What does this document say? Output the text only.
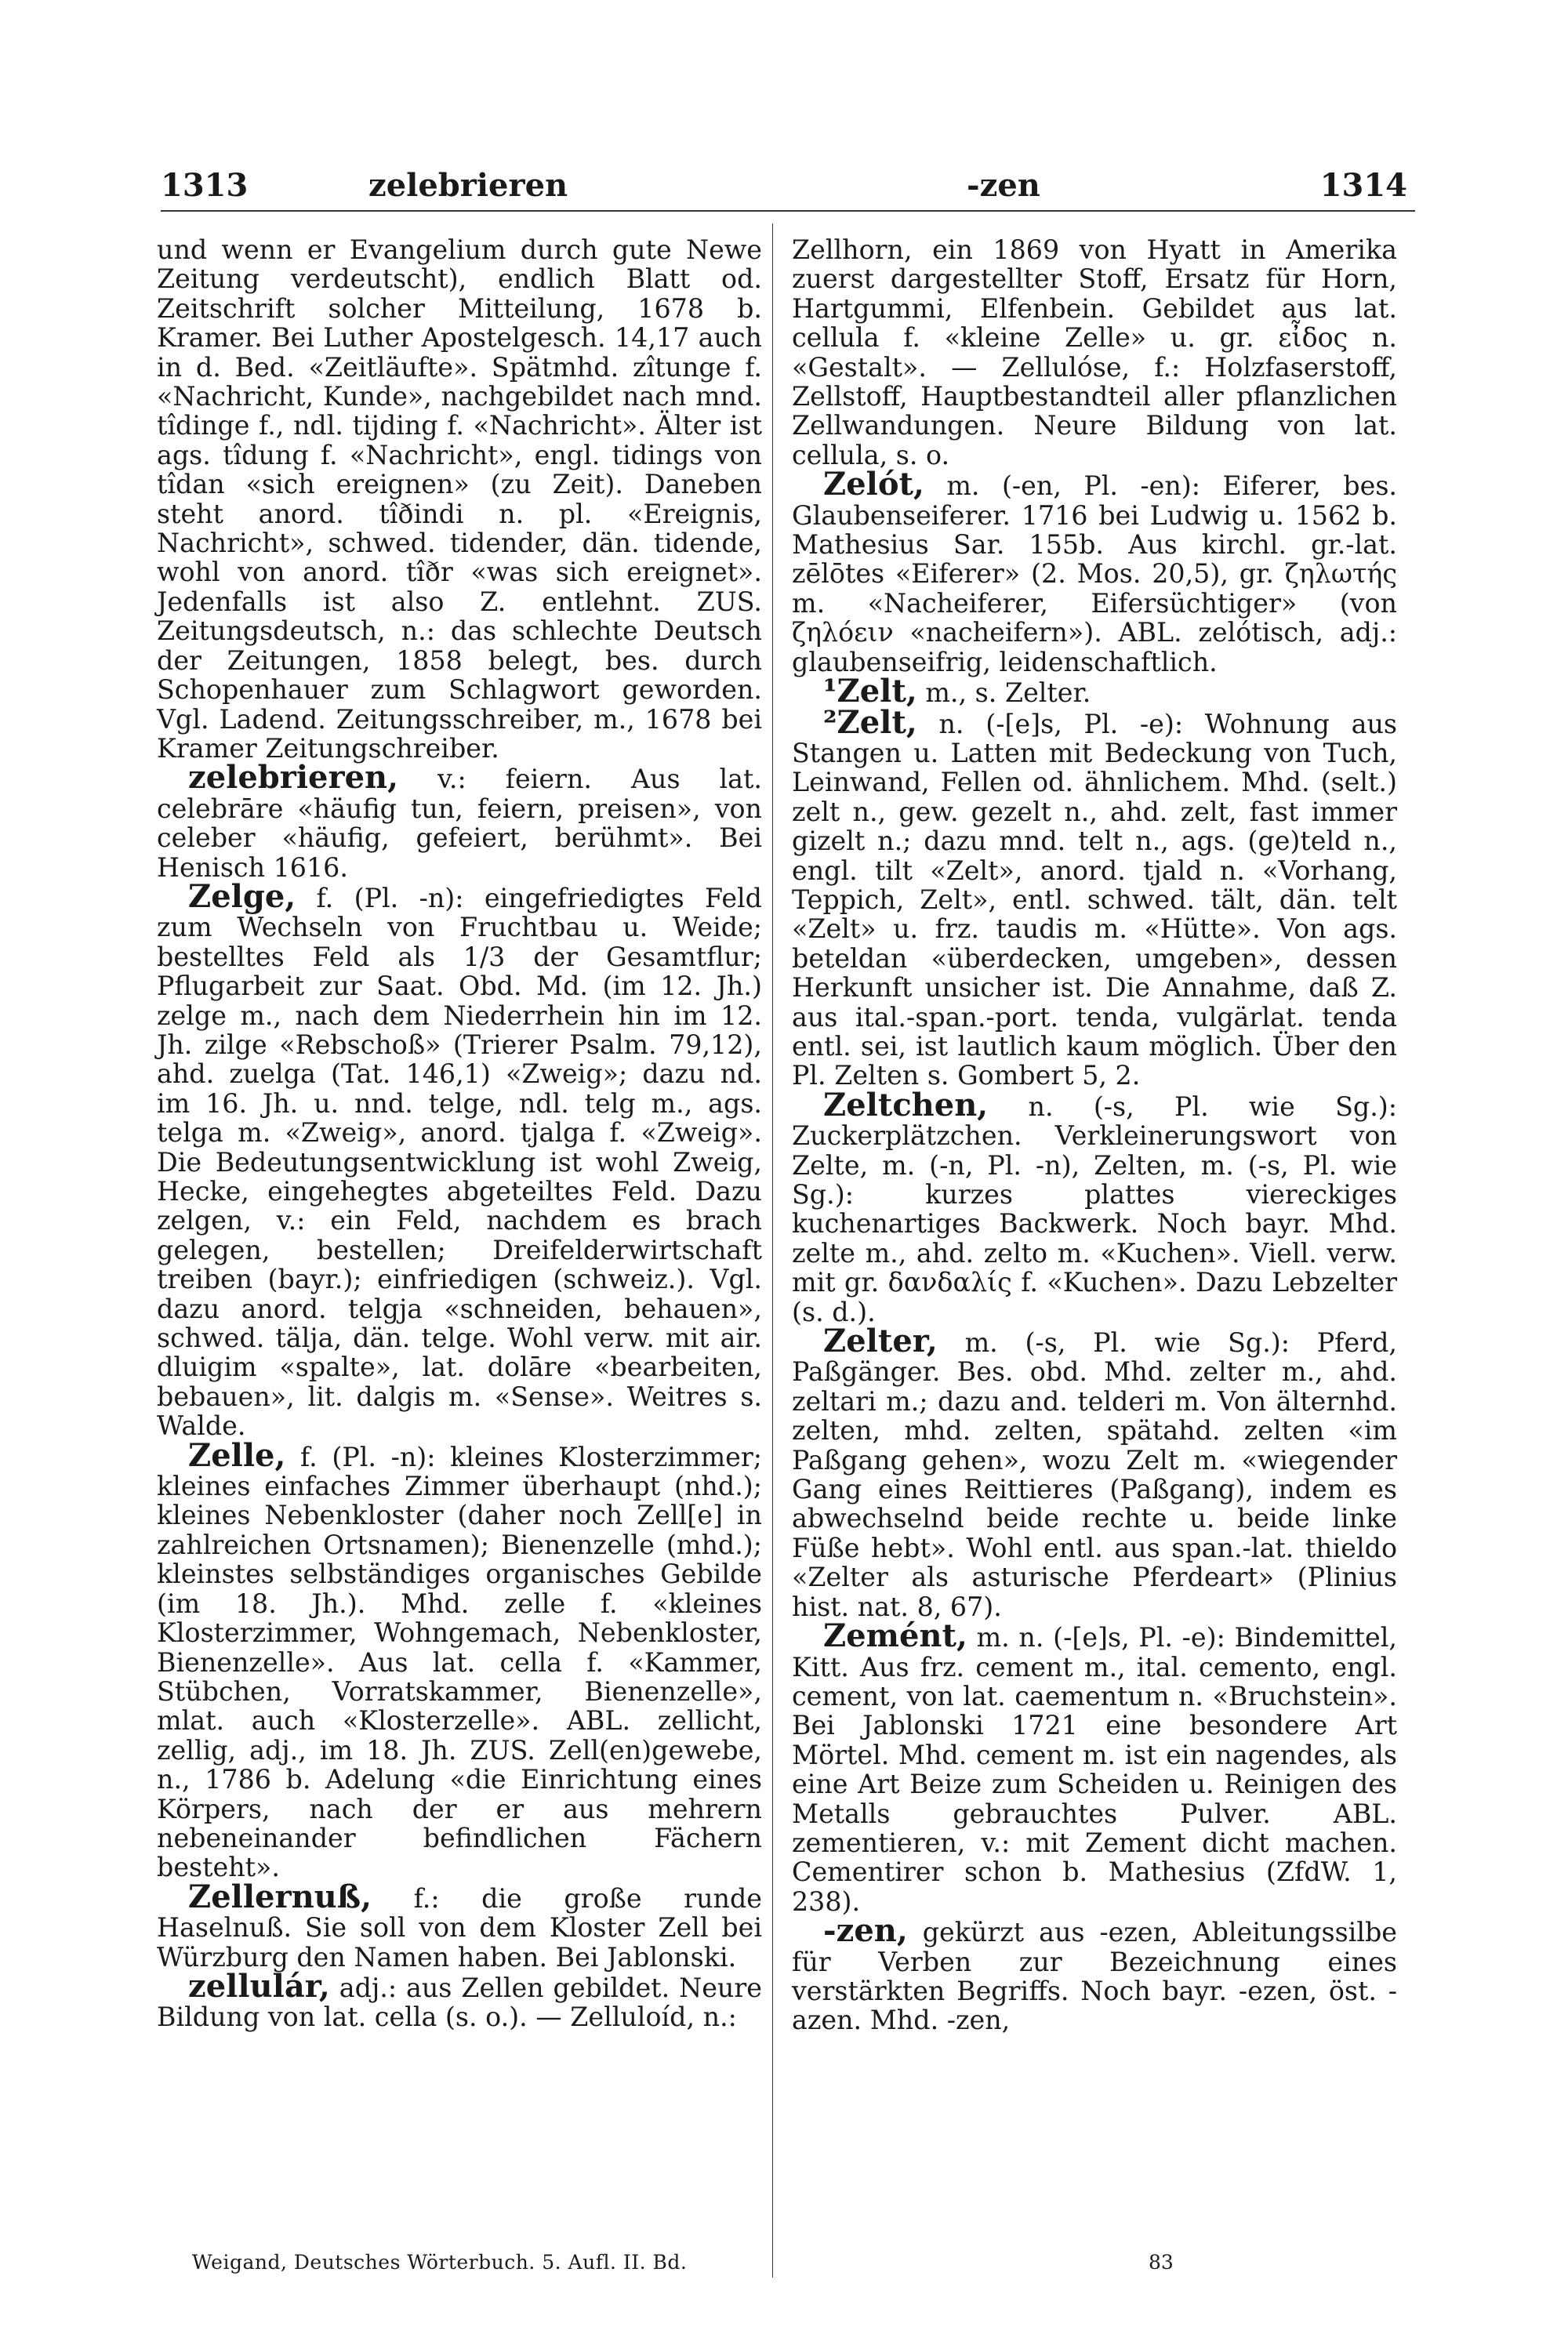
1313	zelebrieren	-zen	1314

und wenn er Evangelium durch gute Newe Zeitung verdeutscht), endlich Blatt od. Zeitschrift solcher Mitteilung, 1678 b. Kramer. Bei Luther Apostelgesch. 14,17 auch in d. Bed. «Zeitläufte». Spätmhd. zîtunge f. «Nachricht, Kunde», nachgebildet nach mnd. tîdinge f., ndl. tijding f. «Nachricht». Älter ist ags. tîdung f. «Nachricht», engl. tidings von tîdan «sich ereignen» (zu Zeit). Daneben steht anord. tîðindi n. pl. «Ereignis, Nachricht», schwed. tidender, dän. tidende, wohl von anord. tîðr «was sich ereignet». Jedenfalls ist also Z. entlehnt. ZUS. Zeitungsdeutsch, n.: das schlechte Deutsch der Zeitungen, 1858 belegt, bes. durch Schopenhauer zum Schlagwort geworden. Vgl. Ladend. Zeitungsschreiber, m., 1678 bei Kramer Zeitungschreiber.

zelebrieren, v.: feiern. Aus lat. celebrāre «häufig tun, feiern, preisen», von celeber «häufig, gefeiert, berühmt». Bei Henisch 1616.

Zelge, f. (Pl. -n): eingefriedigtes Feld zum Wechseln von Fruchtbau u. Weide; bestelltes Feld als 1/3 der Gesamtflur; Pflugarbeit zur Saat. Obd. Md. (im 12. Jh.) zelge m., nach dem Niederrhein hin im 12. Jh. zilge «Rebschoß» (Trierer Psalm. 79,12), ahd. zuelga (Tat. 146,1) «Zweig»; dazu nd. im 16. Jh. u. nnd. telge, ndl. telg m., ags. telga m. «Zweig», anord. tjalga f. «Zweig». Die Bedeutungsentwicklung ist wohl Zweig, Hecke, eingehegtes abgeteiltes Feld. Dazu zelgen, v.: ein Feld, nachdem es brach gelegen, bestellen; Dreifelderwirtschaft treiben (bayr.); einfriedigen (schweiz.). Vgl. dazu anord. telgja «schneiden, behauen», schwed. tälja, dän. telge. Wohl verw. mit air. dluigim «spalte», lat. dolāre «bearbeiten, bebauen», lit. dalgis m. «Sense». Weitres s. Walde.

Zelle, f. (Pl. -n): kleines Klosterzimmer; kleines einfaches Zimmer überhaupt (nhd.); kleines Nebenkloster (daher noch Zell[e] in zahlreichen Ortsnamen); Bienenzelle (mhd.); kleinstes selbständiges organisches Gebilde (im 18. Jh.). Mhd. zelle f. «kleines Klosterzimmer, Wohngemach, Nebenkloster, Bienenzelle». Aus lat. cella f. «Kammer, Stübchen, Vorratskammer, Bienenzelle», mlat. auch «Klosterzelle». ABL. zellicht, zellig, adj., im 18. Jh. ZUS. Zell(en)gewebe, n., 1786 b. Adelung «die Einrichtung eines Körpers, nach der er aus mehrern nebeneinander befindlichen Fächern besteht».

Zellernuß, f.: die große runde Haselnuß. Sie soll von dem Kloster Zell bei Würzburg den Namen haben. Bei Jablonski.

zellulár, adj.: aus Zellen gebildet. Neure Bildung von lat. cella (s. o.). — Zelluloíd, n.:

Zellhorn, ein 1869 von Hyatt in Amerika zuerst dargestellter Stoff, Ersatz für Horn, Hartgummi, Elfenbein. Gebildet aus lat. cellula f. «kleine Zelle» u. gr. εἶδος n. «Gestalt». — Zellulóse, f.: Holzfaserstoff, Zellstoff, Hauptbestandteil aller pflanzlichen Zellwandungen. Neure Bildung von lat. cellula, s. o.

Zelót, m. (-en, Pl. -en): Eiferer, bes. Glaubenseiferer. 1716 bei Ludwig u. 1562 b. Mathesius Sar. 155b. Aus kirchl. gr.-lat. zēlōtes «Eiferer» (2. Mos. 20,5), gr. ζηλωτής m. «Nacheiferer, Eifersüchtiger» (von ζηλόειν «nacheifern»). ABL. zelótisch, adj.: glaubenseifrig, leidenschaftlich.

¹Zelt, m., s. Zelter.

²Zelt, n. (-[e]s, Pl. -e): Wohnung aus Stangen u. Latten mit Bedeckung von Tuch, Leinwand, Fellen od. ähnlichem. Mhd. (selt.) zelt n., gew. gezelt n., ahd. zelt, fast immer gizelt n.; dazu mnd. telt n., ags. (ge)teld n., engl. tilt «Zelt», anord. tjald n. «Vorhang, Teppich, Zelt», entl. schwed. tält, dän. telt «Zelt» u. frz. taudis m. «Hütte». Von ags. beteldan «überdecken, umgeben», dessen Herkunft unsicher ist. Die Annahme, daß Z. aus ital.-span.-port. tenda, vulgärlat. tenda entl. sei, ist lautlich kaum möglich. Über den Pl. Zelten s. Gombert 5, 2.

Zeltchen, n. (-s, Pl. wie Sg.): Zuckerplätzchen. Verkleinerungswort von Zelte, m. (-n, Pl. -n), Zelten, m. (-s, Pl. wie Sg.): kurzes plattes viereckiges kuchenartiges Backwerk. Noch bayr. Mhd. zelte m., ahd. zelto m. «Kuchen». Viell. verw. mit gr. δανδαλίς f. «Kuchen». Dazu Lebzelter (s. d.).

Zelter, m. (-s, Pl. wie Sg.): Pferd, Paßgänger. Bes. obd. Mhd. zelter m., ahd. zeltari m.; dazu and. telderi m. Von älternhd. zelten, mhd. zelten, spätahd. zelten «im Paßgang gehen», wozu Zelt m. «wiegender Gang eines Reittieres (Paßgang), indem es abwechselnd beide rechte u. beide linke Füße hebt». Wohl entl. aus span.-lat. thieldo «Zelter als asturische Pferdeart» (Plinius hist. nat. 8, 67).

Zemént, m. n. (-[e]s, Pl. -e): Bindemittel, Kitt. Aus frz. cement m., ital. cemento, engl. cement, von lat. caementum n. «Bruchstein». Bei Jablonski 1721 eine besondere Art Mörtel. Mhd. cement m. ist ein nagendes, als eine Art Beize zum Scheiden u. Reinigen des Metalls gebrauchtes Pulver. ABL. zementieren, v.: mit Zement dicht machen. Cementirer schon b. Mathesius (ZfdW. 1, 238).

-zen, gekürzt aus -ezen, Ableitungssilbe für Verben zur Bezeichnung eines verstärkten Begriffs. Noch bayr. -ezen, öst. -azen. Mhd. -zen,

Weigand, Deutsches Wörterbuch. 5. Aufl. II. Bd.	83
